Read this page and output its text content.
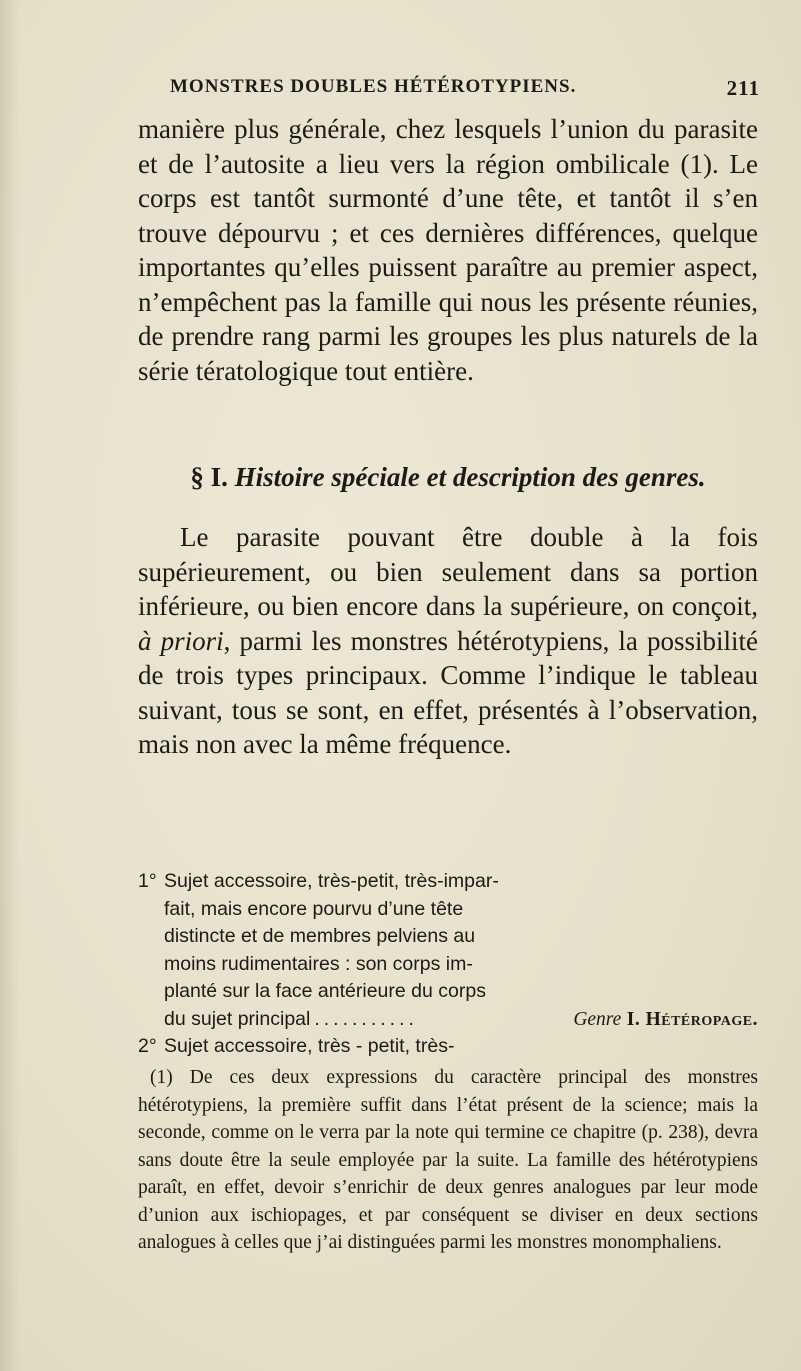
MONSTRES DOUBLES HÉTÉROTYPIENS.	211

manière plus générale, chez lesquels l’union du parasite et de l’autosite a lieu vers la région ombilicale (1). Le corps est tantôt surmonté d’une tête, et tantôt il s’en trouve dépourvu ; et ces dernières différences, quelque importantes qu’elles puissent paraître au premier aspect, n’empêchent pas la famille qui nous les présente réunies, de prendre rang parmi les groupes les plus naturels de la série tératologique tout entière.

§ I. Histoire spéciale et description des genres.

Le parasite pouvant être double à la fois supérieurement, ou bien seulement dans sa portion inférieure, ou bien encore dans la supérieure, on conçoit, à priori, parmi les monstres hétérotypiens, la possibilité de trois types principaux. Comme l’indique le tableau suivant, tous se sont, en effet, présentés à l’observation, mais non avec la même fréquence.

1° Sujet accessoire, très-petit, très-impar-
fait, mais encore pourvu d’une tête
distincte et de membres pelviens au
moins rudimentaires : son corps im-
planté sur la face antérieure du corps
du sujet principal ...........	Genre I. Hétéropage.
2° Sujet accessoire, très - petit, très-

(1) De ces deux expressions du caractère principal des monstres hétérotypiens, la première suffit dans l’état présent de la science; mais la seconde, comme on le verra par la note qui termine ce chapitre (p. 238), devra sans doute être la seule employée par la suite. La famille des hétérotypiens paraît, en effet, devoir s’enrichir de deux genres analogues par leur mode d’union aux ischiopages, et par conséquent se diviser en deux sections analogues à celles que j’ai distinguées parmi les monstres monomphaliens.
